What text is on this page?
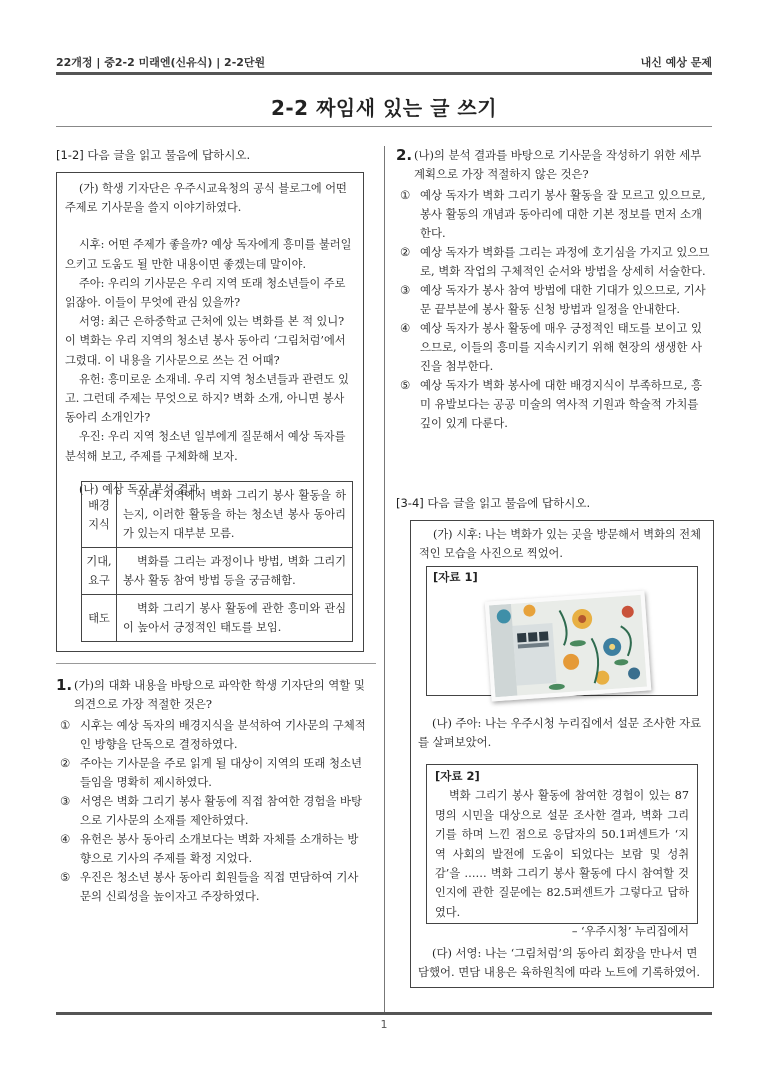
22개정 | 중2-2 미래엔(신유식) | 2-2단원	내신 예상 문제
2-2 짜임새 있는 글 쓰기
[1-2] 다음 글을 읽고 물음에 답하시오.

(가) 학생 기자단은 우주시교육청의 공식 블로그에 어떤 주제로 기사문을 쓸지 이야기하였다.

시후: 어떤 주제가 좋을까? 예상 독자에게 흥미를 불러일으키고 도움도 될 만한 내용이면 좋겠는데 말이야.

주아: 우리의 기사문은 우리 지역 또래 청소년들이 주로 읽잖아. 이들이 무엇에 관심 있을까?

서영: 최근 은하중학교 근처에 있는 벽화를 본 적 있니? 이 벽화는 우리 지역의 청소년 봉사 동아리 ‘그림처럼’에서 그렸대. 이 내용을 기사문으로 쓰는 건 어때?

유헌: 흥미로운 소재네. 우리 지역 청소년들과 관련도 있고. 그런데 주제는 무엇으로 하지? 벽화 소개, 아니면 봉사 동아리 소개인가?

우진: 우리 지역 청소년 일부에게 질문해서 예상 독자를 분석해 보고, 주제를 구체화해 보자.

(나) 예상 독자 분석 결과

배경 지식	우리 지역에서 벽화 그리기 봉사 활동을 하는지, 이러한 활동을 하는 청소년 봉사 동아리가 있는지 대부분 모름.
기대, 요구	벽화를 그리는 과정이나 방법, 벽화 그리기 봉사 활동 참여 방법 등을 궁금해함.
태도	벽화 그리기 봉사 활동에 관한 흥미와 관심이 높아서 긍정적인 태도를 보임.
1. (가)의 대화 내용을 바탕으로 파악한 학생 기자단의 역할 및 의견으로 가장 적절한 것은?
① 시후는 예상 독자의 배경지식을 분석하여 기사문의 구체적인 방향을 단독으로 결정하였다.
② 주아는 기사문을 주로 읽게 될 대상이 지역의 또래 청소년들임을 명확히 제시하였다.
③ 서영은 벽화 그리기 봉사 활동에 직접 참여한 경험을 바탕으로 기사문의 소재를 제안하였다.
④ 유헌은 봉사 동아리 소개보다는 벽화 자체를 소개하는 방향으로 기사의 주제를 확정 지었다.
⑤ 우진은 청소년 봉사 동아리 회원들을 직접 면담하여 기사문의 신뢰성을 높이자고 주장하였다.
2. (나)의 분석 결과를 바탕으로 기사문을 작성하기 위한 세부 계획으로 가장 적절하지 않은 것은?
① 예상 독자가 벽화 그리기 봉사 활동을 잘 모르고 있으므로, 봉사 활동의 개념과 동아리에 대한 기본 정보를 먼저 소개한다.
② 예상 독자가 벽화를 그리는 과정에 호기심을 가지고 있으므로, 벽화 작업의 구체적인 순서와 방법을 상세히 서술한다.
③ 예상 독자가 봉사 참여 방법에 대한 기대가 있으므로, 기사문 끝부분에 봉사 활동 신청 방법과 일정을 안내한다.
④ 예상 독자가 봉사 활동에 매우 긍정적인 태도를 보이고 있으므로, 이들의 흥미를 지속시키기 위해 현장의 생생한 사진을 첨부한다.
⑤ 예상 독자가 벽화 봉사에 대한 배경지식이 부족하므로, 흥미 유발보다는 공공 미술의 역사적 기원과 학술적 가치를 깊이 있게 다룬다.
[3-4] 다음 글을 읽고 물음에 답하시오.

(가) 시후: 나는 벽화가 있는 곳을 방문해서 벽화의 전체적인 모습을 사진으로 찍었어.

[자료 1]

(나) 주아: 나는 우주시청 누리집에서 설문 조사한 자료를 살펴보았어.

[자료 2]
벽화 그리기 봉사 활동에 참여한 경험이 있는 87명의 시민을 대상으로 설문 조사한 결과, 벽화 그리기를 하며 느낀 점으로 응답자의 50.1퍼센트가 ‘지역 사회의 발전에 도움이 되었다는 보람 및 성취감’을 …… 벽화 그리기 봉사 활동에 다시 참여할 것인지에 관한 질문에는 82.5퍼센트가 그렇다고 답하였다.
– ‘우주시청’ 누리집에서

(다) 서영: 나는 ‘그림처럼’의 동아리 회장을 만나서 면담했어. 면담 내용은 육하원칙에 따라 노트에 기록하였어.

1
